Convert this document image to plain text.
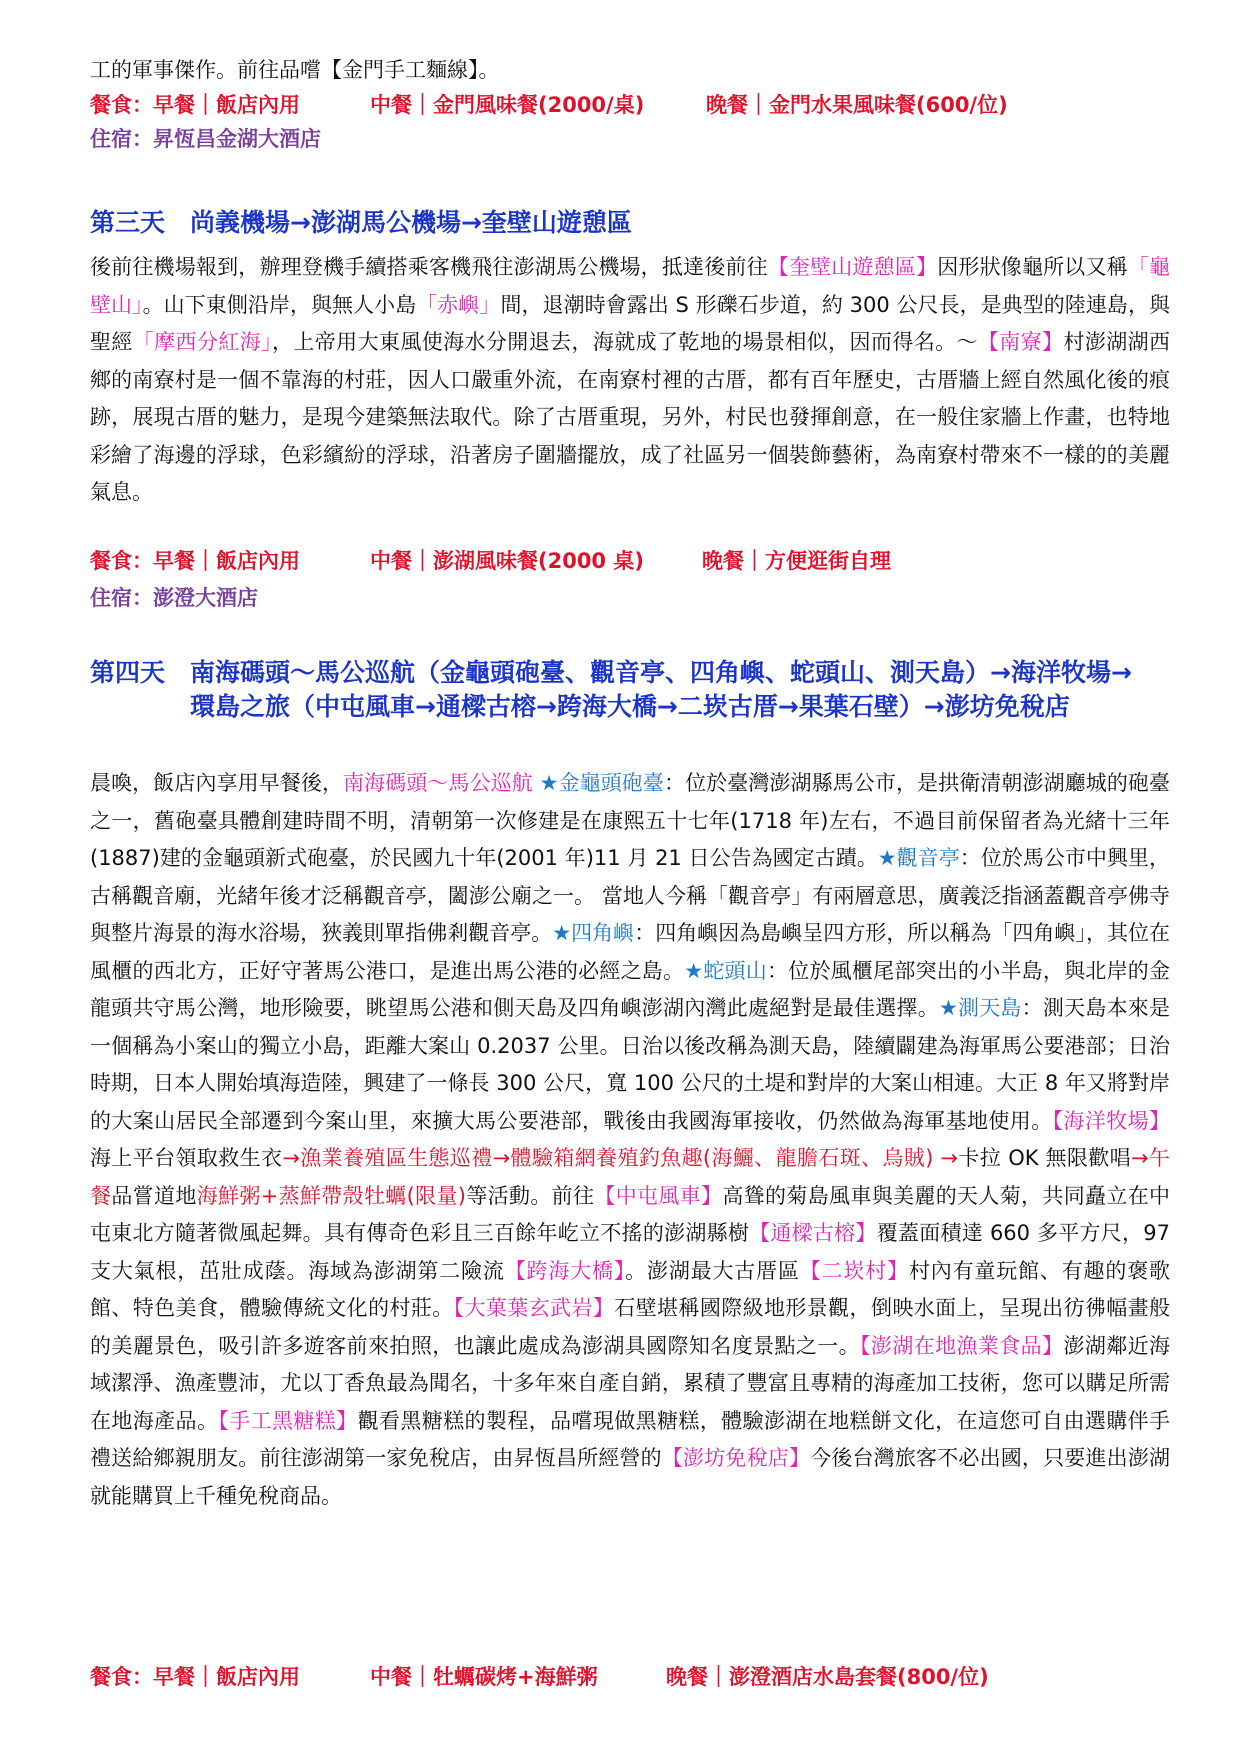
工的軍事傑作。前往品嚐【金門手工麵線】。

餐食：早餐｜飯店內用	中餐｜金門風味餐(2000/桌)	晚餐｜金門水果風味餐(600/位)

住宿：昇恆昌金湖大酒店

第三天 尚義機場→澎湖馬公機場→奎壁山遊憩區

後前往機場報到，辦理登機手續搭乘客機飛往澎湖馬公機場，抵達後前往【奎壁山遊憩區】因形狀像龜所以又稱「龜壁山」。山下東側沿岸，與無人小島「赤嶼」間，退潮時會露出 S 形礫石步道，約 300 公尺長，是典型的陸連島，與聖經「摩西分紅海」，上帝用大東風使海水分開退去，海就成了乾地的場景相似，因而得名。～【南寮】村澎湖湖西鄉的南寮村是一個不靠海的村莊，因人口嚴重外流，在南寮村裡的古厝，都有百年歷史，古厝牆上經自然風化後的痕跡，展現古厝的魅力，是現今建築無法取代。除了古厝重現，另外，村民也發揮創意，在一般住家牆上作畫，也特地彩繪了海邊的浮球，色彩繽紛的浮球，沿著房子圍牆擺放，成了社區另一個裝飾藝術，為南寮村帶來不一樣的的美麗氣息。

餐食：早餐｜飯店內用	中餐｜澎湖風味餐(2000 桌)	晚餐｜方便逛街自理

住宿：澎澄大酒店

第四天 南海碼頭～馬公巡航（金龜頭砲臺、觀音亭、四角嶼、蛇頭山、測天島）→海洋牧場→環島之旅（中屯風車→通樑古榕→跨海大橋→二崁古厝→果葉石壁）→澎坊免稅店

晨喚，飯店內享用早餐後，南海碼頭～馬公巡航 ★金龜頭砲臺：位於臺灣澎湖縣馬公市，是拱衛清朝澎湖廳城的砲臺之一，舊砲臺具體創建時間不明，清朝第一次修建是在康熙五十七年(1718 年)左右，不過目前保留者為光緒十三年(1887)建的金龜頭新式砲臺，於民國九十年(2001 年)11 月 21 日公告為國定古蹟。★觀音亭：位於馬公市中興里，古稱觀音廟，光緒年後才泛稱觀音亭，闔澎公廟之一。 當地人今稱「觀音亭」有兩層意思，廣義泛指涵蓋觀音亭佛寺與整片海景的海水浴場，狹義則單指佛剎觀音亭。★四角嶼：四角嶼因為島嶼呈四方形，所以稱為「四角嶼」，其位在風櫃的西北方，正好守著馬公港口，是進出馬公港的必經之島。★蛇頭山：位於風櫃尾部突出的小半島，與北岸的金龍頭共守馬公灣，地形險要，眺望馬公港和側天島及四角嶼澎湖內灣此處絕對是最佳選擇。★測天島：測天島本來是一個稱為小案山的獨立小島，距離大案山 0.2037 公里。日治以後改稱為測天島，陸續闢建為海軍馬公要港部；日治時期，日本人開始填海造陸，興建了一條長 300 公尺，寬 100 公尺的土堤和對岸的大案山相連。大正 8 年又將對岸的大案山居民全部遷到今案山里，來擴大馬公要港部，戰後由我國海軍接收，仍然做為海軍基地使用。【海洋牧場】海上平台領取救生衣→漁業養殖區生態巡禮→體驗箱網養殖釣魚趣(海鱺、龍膽石斑、烏賊) →卡拉 OK 無限歡唱→午餐品嘗道地海鮮粥+蒸鮮帶殼牡蠣(限量)等活動。前往【中屯風車】高聳的菊島風車與美麗的天人菊，共同矗立在中屯東北方隨著微風起舞。具有傳奇色彩且三百餘年屹立不搖的澎湖縣樹【通樑古榕】覆蓋面積達 660 多平方尺，97 支大氣根，茁壯成蔭。海域為澎湖第二險流【跨海大橋】。澎湖最大古厝區【二崁村】村內有童玩館、有趣的褒歌館、特色美食，體驗傳統文化的村莊。【大菓葉玄武岩】石壁堪稱國際級地形景觀，倒映水面上，呈現出彷彿幅畫般的美麗景色，吸引許多遊客前來拍照，也讓此處成為澎湖具國際知名度景點之一。【澎湖在地漁業食品】澎湖鄰近海域潔淨、漁產豐沛，尤以丁香魚最為聞名，十多年來自產自銷，累積了豐富且專精的海產加工技術，您可以購足所需在地海產品。【手工黑糖糕】觀看黑糖糕的製程，品嚐現做黑糖糕，體驗澎湖在地糕餅文化，在這您可自由選購伴手禮送給鄉親朋友。前往澎湖第一家免稅店，由昇恆昌所經營的【澎坊免稅店】今後台灣旅客不必出國，只要進出澎湖就能購買上千種免稅商品。

餐食：早餐｜飯店內用	中餐｜牡蠣碳烤+海鮮粥	晚餐｜澎澄酒店水島套餐(800/位)
